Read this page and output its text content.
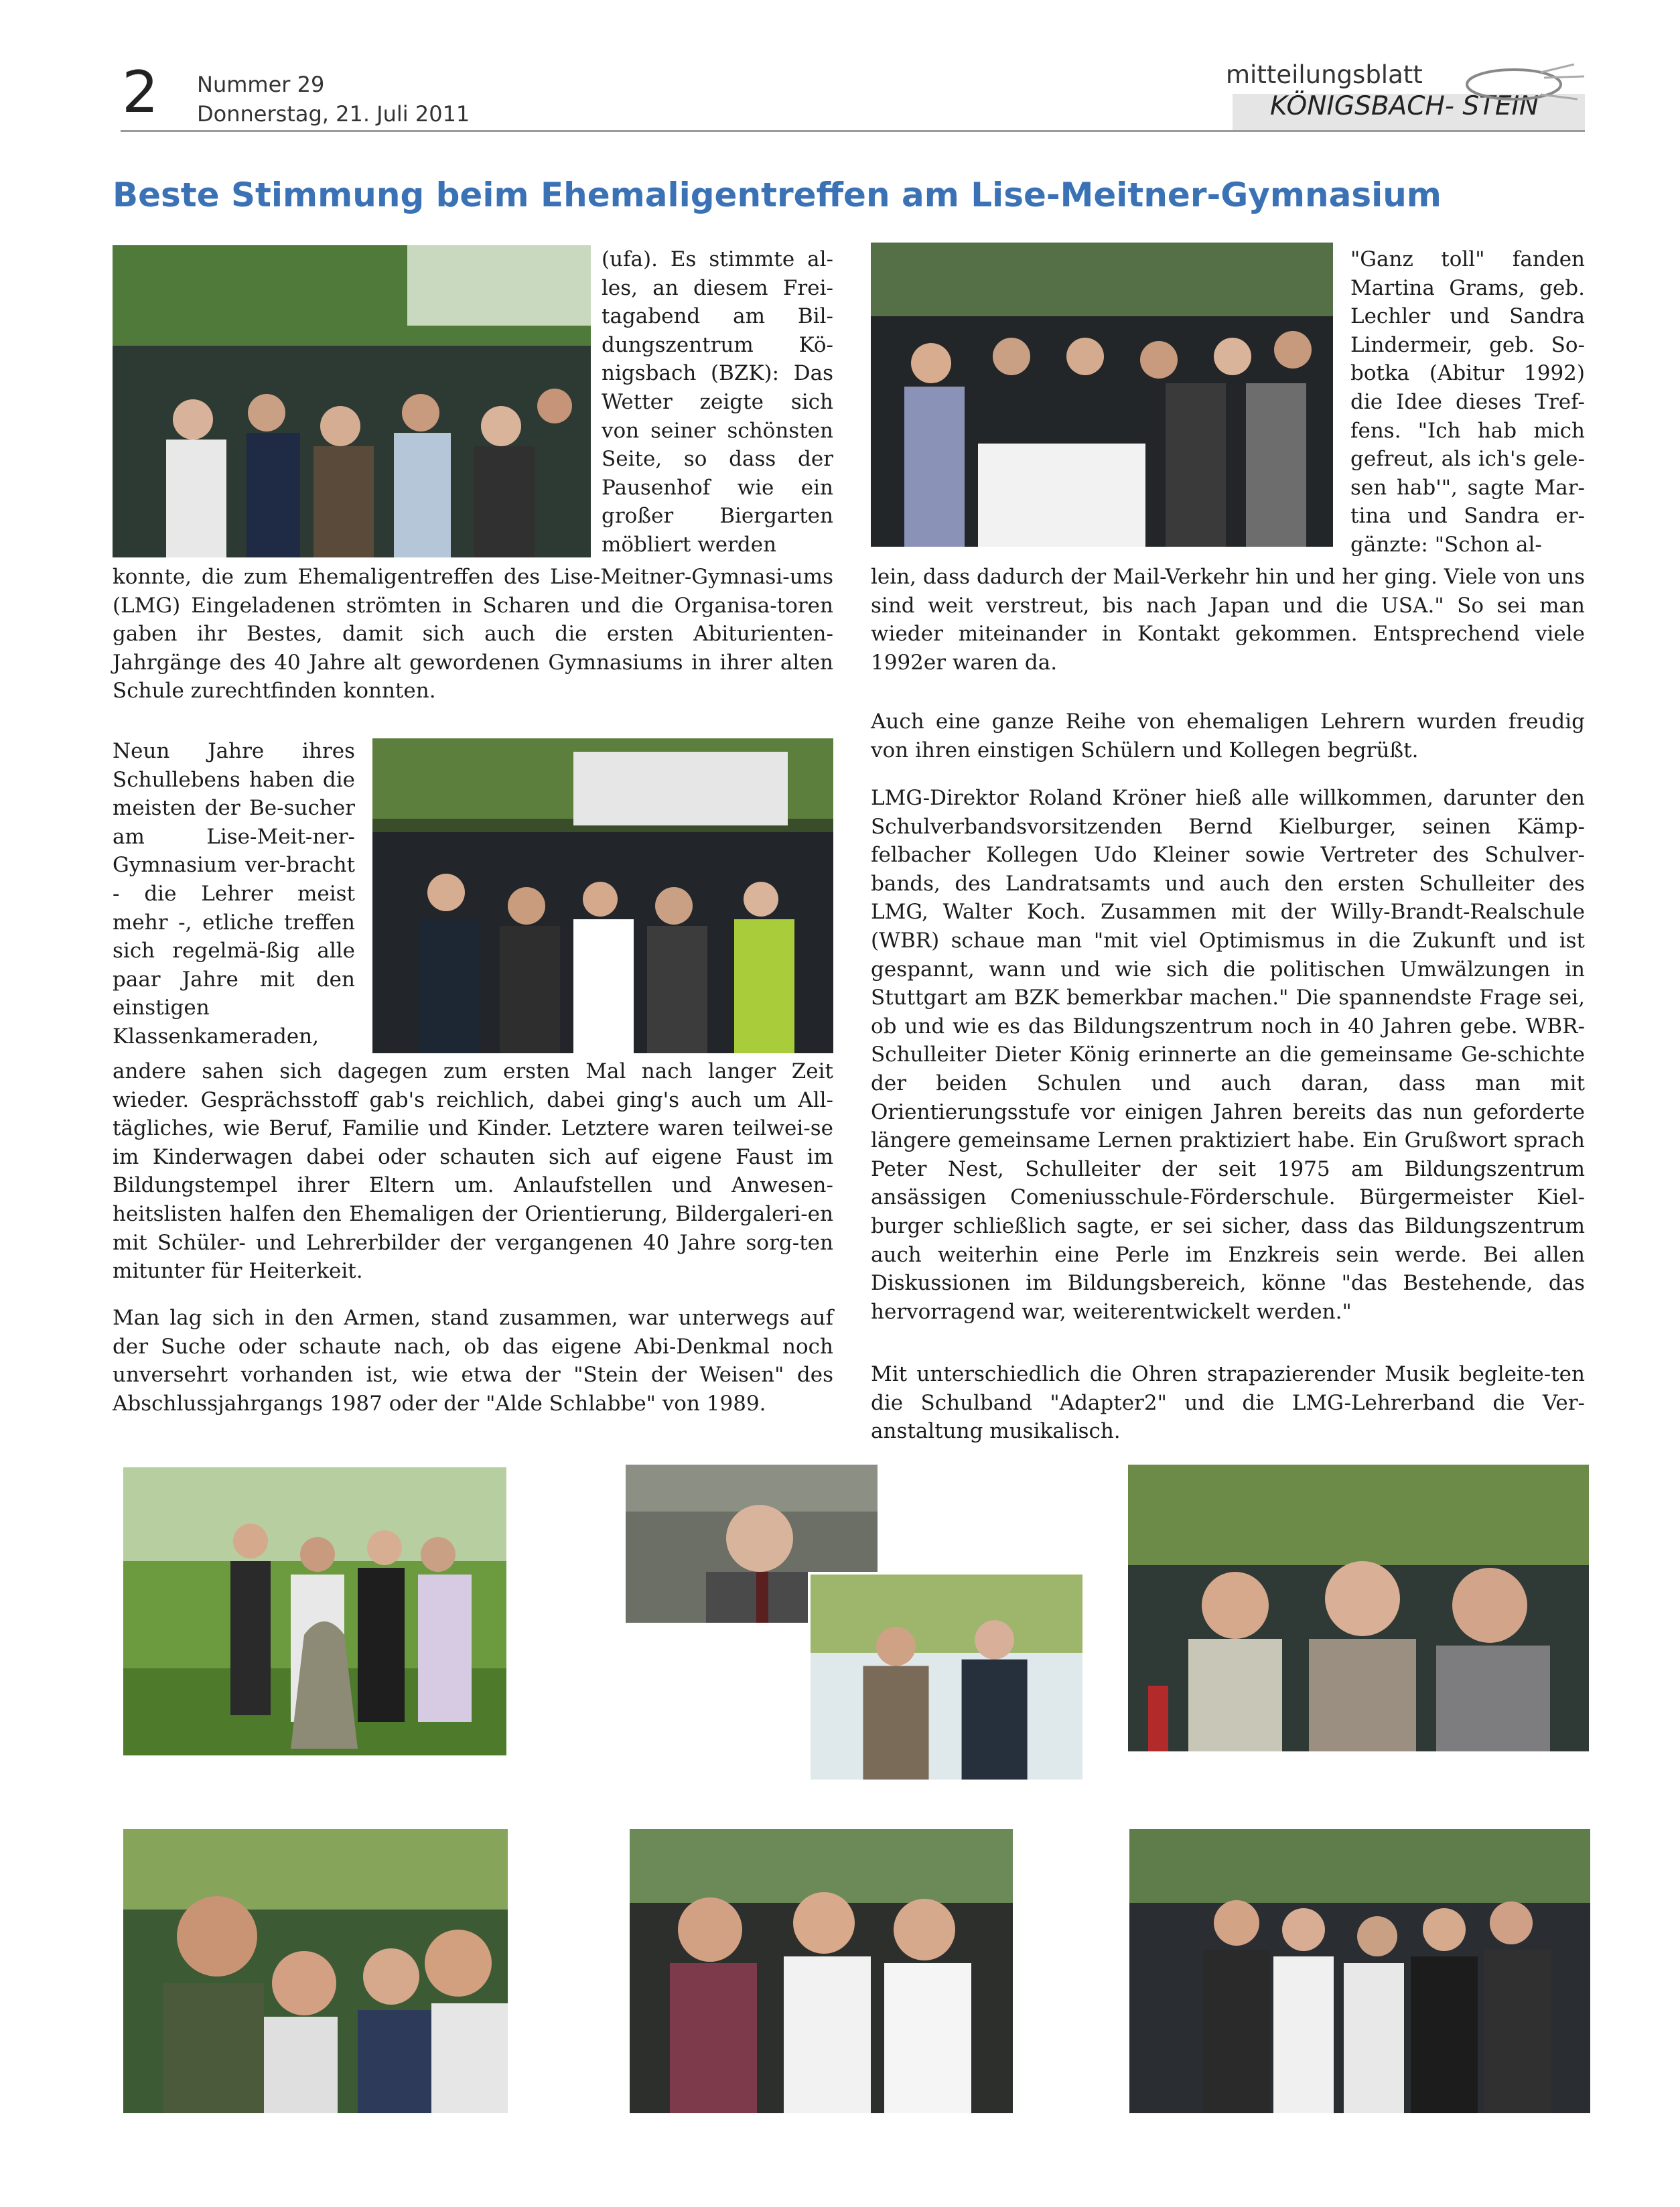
2 Nummer 29
Donnerstag, 21. Juli 2011
mitteilungsblatt
KÖNIGSBACH- STEIN
Beste Stimmung beim Ehemaligentreffen am Lise-Meitner-Gymnasium
(ufa). Es stimmte al-les, an diesem Frei-tagabend am Bil-dungszentrum Kö-nigsbach (BZK): Das Wetter zeigte sich von seiner schönsten Seite, so dass der Pausenhof wie ein großer Biergarten möbliert werden
konnte, die zum Ehemaligentreffen des Lise-Meitner-Gymnasi-ums (LMG) Eingeladenen strömten in Scharen und die Organisa-toren gaben ihr Bestes, damit sich auch die ersten Abiturienten-Jahrgänge des 40 Jahre alt gewordenen Gymnasiums in ihrer alten Schule zurechtfinden konnten.
Neun Jahre ihres Schullebens haben die meisten der Be-sucher am Lise-Meit-ner-Gymnasium ver-bracht - die Lehrer meist mehr -, etliche treffen sich regelmä-ßig alle paar Jahre mit den einstigen Klassenkameraden,
andere sahen sich dagegen zum ersten Mal nach langer Zeit wieder. Gesprächsstoff gab's reichlich, dabei ging's auch um All-tägliches, wie Beruf, Familie und Kinder. Letztere waren teilwei-se im Kinderwagen dabei oder schauten sich auf eigene Faust im Bildungstempel ihrer Eltern um. Anlaufstellen und Anwesen-heitslisten halfen den Ehemaligen der Orientierung, Bildergaleri-en mit Schüler- und Lehrerbilder der vergangenen 40 Jahre sorg-ten mitunter für Heiterkeit.
Man lag sich in den Armen, stand zusammen, war unterwegs auf der Suche oder schaute nach, ob das eigene Abi-Denkmal noch unversehrt vorhanden ist, wie etwa der "Stein der Weisen" des Abschlussjahrgangs 1987 oder der "Alde Schlabbe" von 1989.
"Ganz toll" fanden Martina Grams, geb. Lechler und Sandra Lindermeir, geb. So-botka (Abitur 1992) die Idee dieses Tref-fens. "Ich hab mich gefreut, als ich's gele-sen hab'", sagte Mar-tina und Sandra er-gänzte: "Schon al-
lein, dass dadurch der Mail-Verkehr hin und her ging. Viele von uns sind weit verstreut, bis nach Japan und die USA." So sei man wieder miteinander in Kontakt gekommen. Entsprechend viele 1992er waren da.
Auch eine ganze Reihe von ehemaligen Lehrern wurden freudig von ihren einstigen Schülern und Kollegen begrüßt.
LMG-Direktor Roland Kröner hieß alle willkommen, darunter den Schulverbandsvorsitzenden Bernd Kielburger, seinen Kämp-felbacher Kollegen Udo Kleiner sowie Vertreter des Schulver-bands, des Landratsamts und auch den ersten Schulleiter des LMG, Walter Koch. Zusammen mit der Willy-Brandt-Realschule (WBR) schaue man "mit viel Optimismus in die Zukunft und ist gespannt, wann und wie sich die politischen Umwälzungen in Stuttgart am BZK bemerkbar machen." Die spannendste Frage sei, ob und wie es das Bildungszentrum noch in 40 Jahren gebe. WBR-Schulleiter Dieter König erinnerte an die gemeinsame Ge-schichte der beiden Schulen und auch daran, dass man mit Orientierungsstufe vor einigen Jahren bereits das nun geforderte längere gemeinsame Lernen praktiziert habe. Ein Grußwort sprach Peter Nest, Schulleiter der seit 1975 am Bildungszentrum ansässigen Comeniusschule-Förderschule. Bürgermeister Kiel-burger schließlich sagte, er sei sicher, dass das Bildungszentrum auch weiterhin eine Perle im Enzkreis sein werde. Bei allen Diskussionen im Bildungsbereich, könne "das Bestehende, das hervorragend war, weiterentwickelt werden."
Mit unterschiedlich die Ohren strapazierender Musik begleite-ten die Schulband "Adapter2" und die LMG-Lehrerband die Ver-anstaltung musikalisch.
